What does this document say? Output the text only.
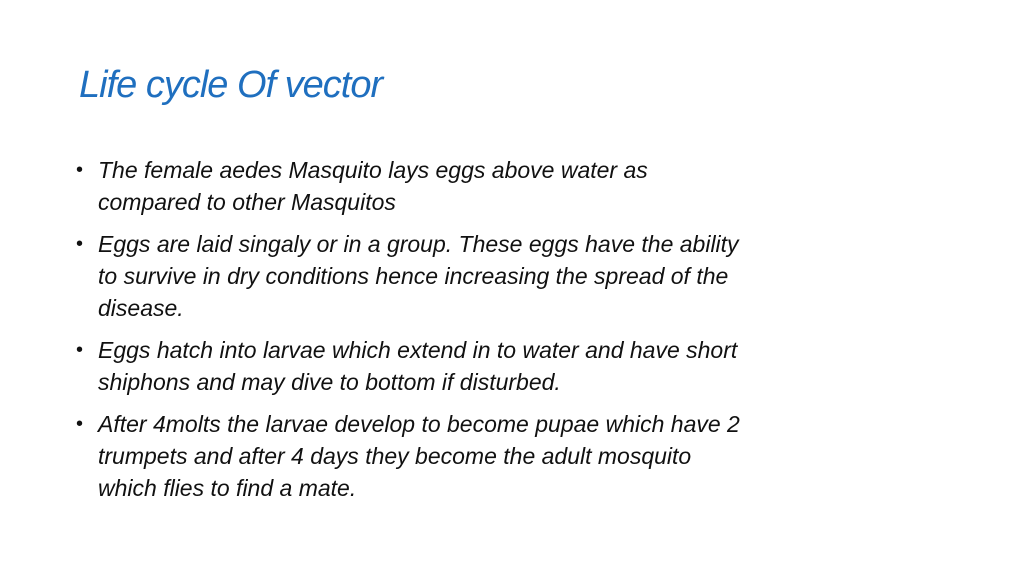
Life cycle Of vector
• The female aedes Masquito lays eggs above water as
compared to other Masquitos
• Eggs are laid singaly or in a group. These eggs have the ability
to survive in dry conditions hence increasing the spread of the
disease.
• Eggs hatch into larvae which extend in to water and have short
shiphons and may dive to bottom if disturbed.
• After 4molts the larvae develop to become pupae which have 2
trumpets and after 4 days they become the adult mosquito
which flies to find a mate.
